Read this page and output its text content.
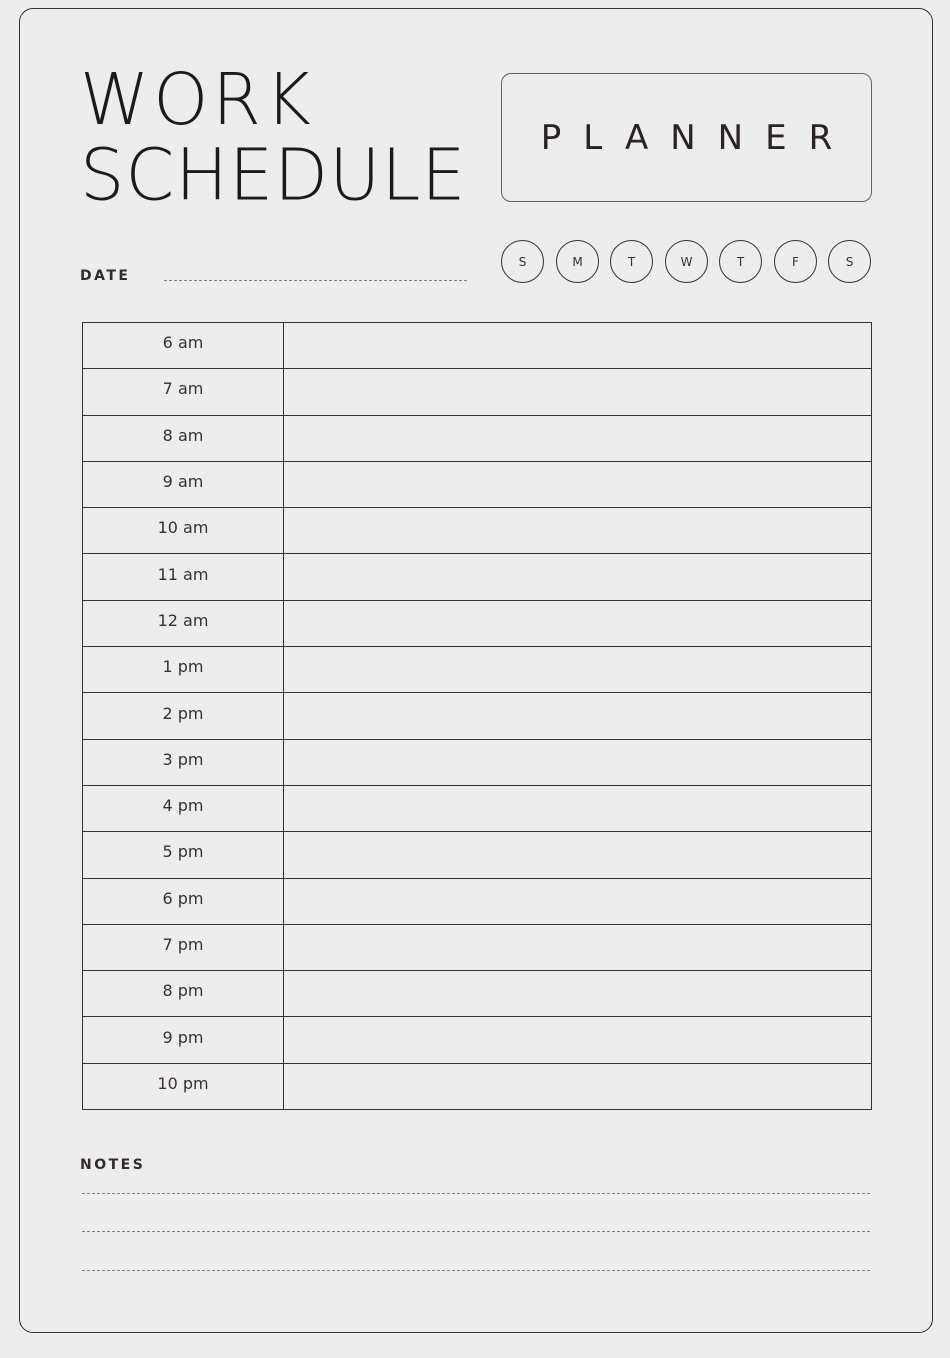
WORK
SCHEDULE	PLANNER
DATE
S	M	T	W	T	F	S
6 am	
7 am	
8 am	
9 am	
10 am	
11 am	
12 am	
1 pm	
2 pm	
3 pm	
4 pm	
5 pm	
6 pm	
7 pm	
8 pm	
9 pm	
10 pm	
NOTES
